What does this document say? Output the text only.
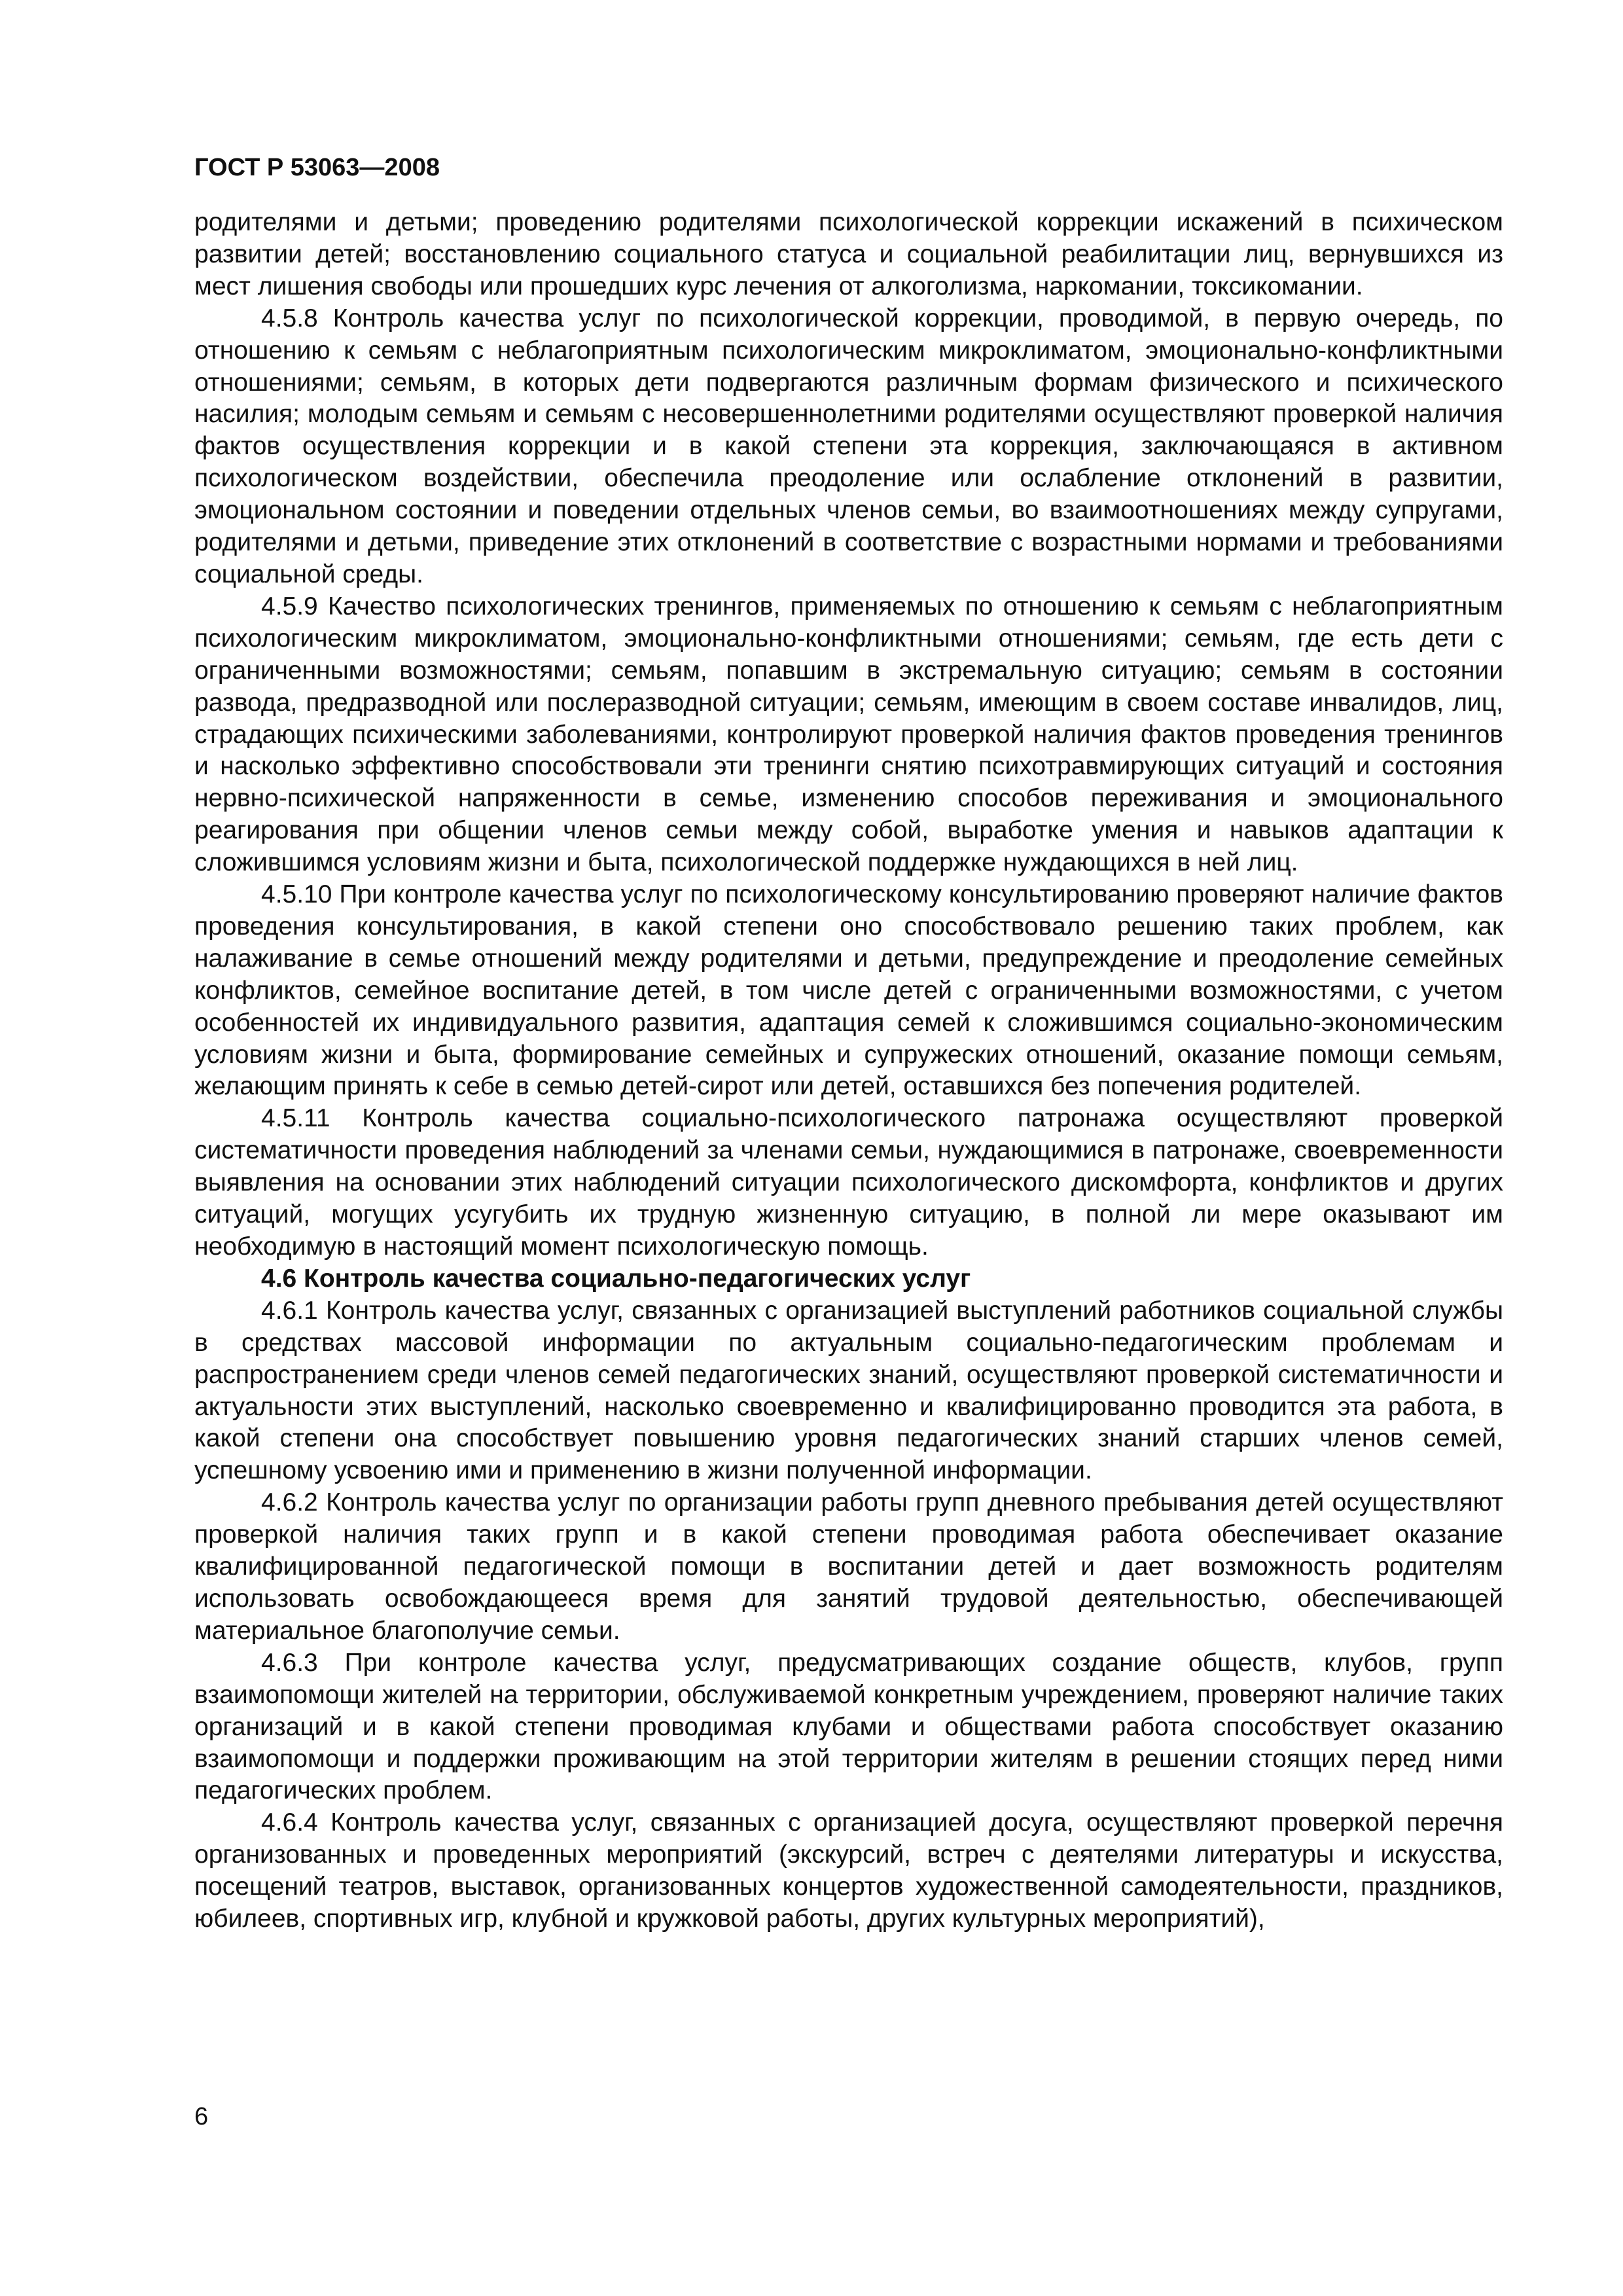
ГОСТ Р 53063—2008

родителями и детьми; проведению родителями психологической коррекции искажений в психическом развитии детей; восстановлению социального статуса и социальной реабилитации лиц, вернувшихся из мест лишения свободы или прошедших курс лечения от алкоголизма, наркомании, токсикомании.

4.5.8 Контроль качества услуг по психологической коррекции, проводимой, в первую очередь, по отношению к семьям с неблагоприятным психологическим микроклиматом, эмоционально-конфликтными отношениями; семьям, в которых дети подвергаются различным формам физического и психического насилия; молодым семьям и семьям с несовершеннолетними родителями осуществляют проверкой наличия фактов осуществления коррекции и в какой степени эта коррекция, заключающаяся в активном психологическом воздействии, обеспечила преодоление или ослабление отклонений в развитии, эмоциональном состоянии и поведении отдельных членов семьи, во взаимоотношениях между супругами, родителями и детьми, приведение этих отклонений в соответствие с возрастными нормами и требованиями социальной среды.

4.5.9 Качество психологических тренингов, применяемых по отношению к семьям с неблагоприятным психологическим микроклиматом, эмоционально-конфликтными отношениями; семьям, где есть дети с ограниченными возможностями; семьям, попавшим в экстремальную ситуацию; семьям в состоянии развода, предразводной или послеразводной ситуации; семьям, имеющим в своем составе инвалидов, лиц, страдающих психическими заболеваниями, контролируют проверкой наличия фактов проведения тренингов и насколько эффективно способствовали эти тренинги снятию психотравмирующих ситуаций и состояния нервно-психической напряженности в семье, изменению способов переживания и эмоционального реагирования при общении членов семьи между собой, выработке умения и навыков адаптации к сложившимся условиям жизни и быта, психологической поддержке нуждающихся в ней лиц.

4.5.10 При контроле качества услуг по психологическому консультированию проверяют наличие фактов проведения консультирования, в какой степени оно способствовало решению таких проблем, как налаживание в семье отношений между родителями и детьми, предупреждение и преодоление семейных конфликтов, семейное воспитание детей, в том числе детей с ограниченными возможностями, с учетом особенностей их индивидуального развития, адаптация семей к сложившимся социально-экономическим условиям жизни и быта, формирование семейных и супружеских отношений, оказание помощи семьям, желающим принять к себе в семью детей-сирот или детей, оставшихся без попечения родителей.

4.5.11 Контроль качества социально-психологического патронажа осуществляют проверкой систематичности проведения наблюдений за членами семьи, нуждающимися в патронаже, своевременности выявления на основании этих наблюдений ситуации психологического дискомфорта, конфликтов и других ситуаций, могущих усугубить их трудную жизненную ситуацию, в полной ли мере оказывают им необходимую в настоящий момент психологическую помощь.

4.6 Контроль качества социально-педагогических услуг

4.6.1 Контроль качества услуг, связанных с организацией выступлений работников социальной службы в средствах массовой информации по актуальным социально-педагогическим проблемам и распространением среди членов семей педагогических знаний, осуществляют проверкой систематичности и актуальности этих выступлений, насколько своевременно и квалифицированно проводится эта работа, в какой степени она способствует повышению уровня педагогических знаний старших членов семей, успешному усвоению ими и применению в жизни полученной информации.

4.6.2 Контроль качества услуг по организации работы групп дневного пребывания детей осуществляют проверкой наличия таких групп и в какой степени проводимая работа обеспечивает оказание квалифицированной педагогической помощи в воспитании детей и дает возможность родителям использовать освобождающееся время для занятий трудовой деятельностью, обеспечивающей материальное благополучие семьи.

4.6.3 При контроле качества услуг, предусматривающих создание обществ, клубов, групп взаимопомощи жителей на территории, обслуживаемой конкретным учреждением, проверяют наличие таких организаций и в какой степени проводимая клубами и обществами работа способствует оказанию взаимопомощи и поддержки проживающим на этой территории жителям в решении стоящих перед ними педагогических проблем.

4.6.4 Контроль качества услуг, связанных с организацией досуга, осуществляют проверкой перечня организованных и проведенных мероприятий (экскурсий, встреч с деятелями литературы и искусства, посещений театров, выставок, организованных концертов художественной самодеятельности, праздников, юбилеев, спортивных игр, клубной и кружковой работы, других культурных мероприятий),

6
